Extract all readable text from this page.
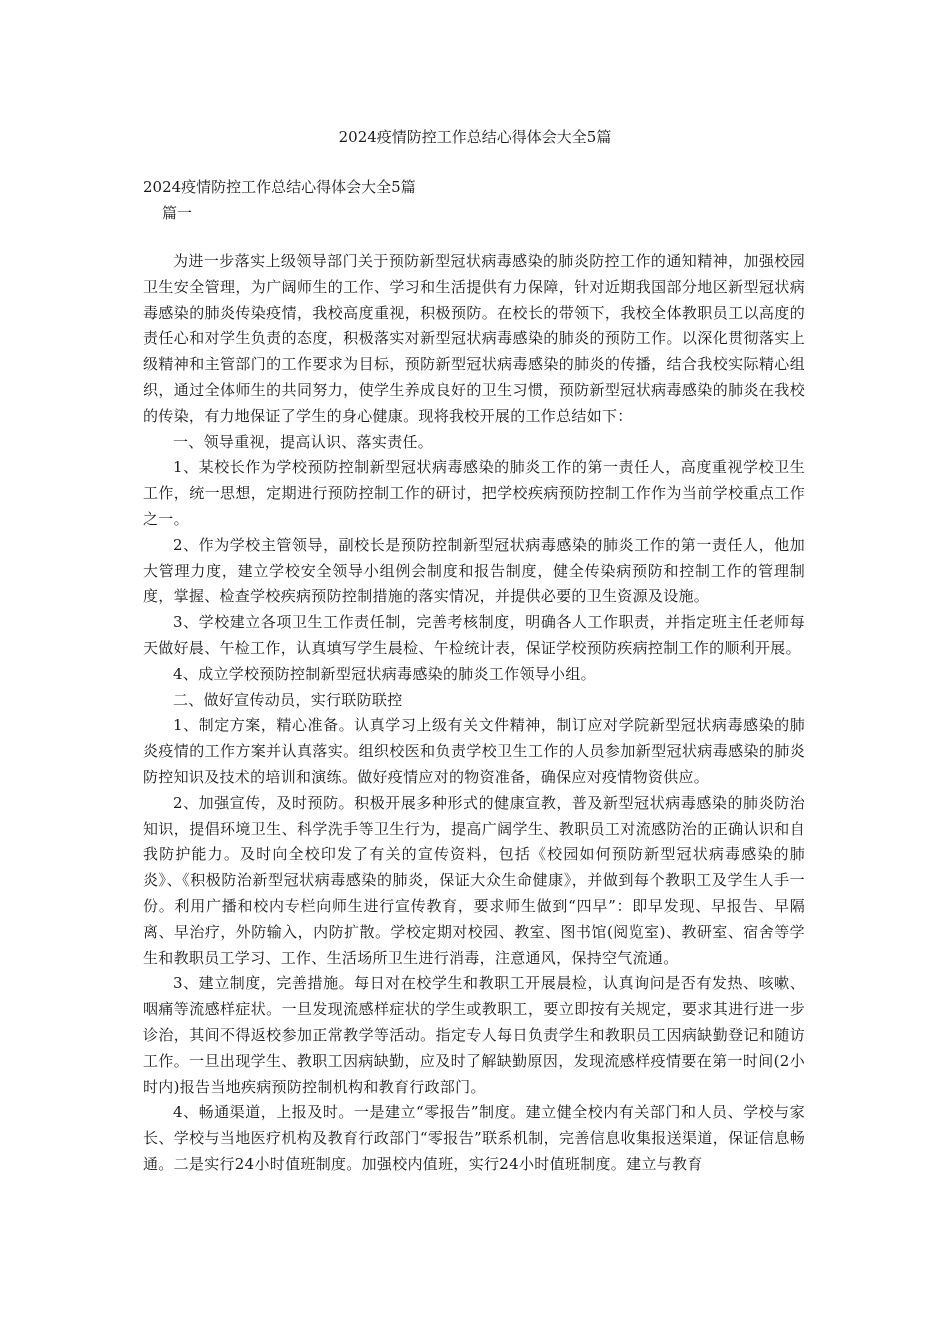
2024疫情防控工作总结心得体会大全5篇
2024疫情防控工作总结心得体会大全5篇
篇一

为进一步落实上级领导部门关于预防新型冠状病毒感染的肺炎防控工作的通知精神，加强校园卫生安全管理，为广阔师生的工作、学习和生活提供有力保障，针对近期我国部分地区新型冠状病毒感染的肺炎传染疫情，我校高度重视，积极预防。在校长的带领下，我校全体教职员工以高度的责任心和对学生负责的态度，积极落实对新型冠状病毒感染的肺炎的预防工作。以深化贯彻落实上级精神和主管部门的工作要求为目标，预防新型冠状病毒感染的肺炎的传播，结合我校实际精心组织，通过全体师生的共同努力，使学生养成良好的卫生习惯，预防新型冠状病毒感染的肺炎在我校的传染，有力地保证了学生的身心健康。现将我校开展的工作总结如下：

一、领导重视，提高认识、落实责任。

1、某校长作为学校预防控制新型冠状病毒感染的肺炎工作的第一责任人，高度重视学校卫生工作，统一思想，定期进行预防控制工作的研讨，把学校疾病预防控制工作作为当前学校重点工作之一。

2、作为学校主管领导，副校长是预防控制新型冠状病毒感染的肺炎工作的第一责任人，他加大管理力度，建立学校安全领导小组例会制度和报告制度，健全传染病预防和控制工作的管理制度，掌握、检查学校疾病预防控制措施的落实情况，并提供必要的卫生资源及设施。

3、学校建立各项卫生工作责任制，完善考核制度，明确各人工作职责，并指定班主任老师每天做好晨、午检工作，认真填写学生晨检、午检统计表，保证学校预防疾病控制工作的顺利开展。

4、成立学校预防控制新型冠状病毒感染的肺炎工作领导小组。

二、做好宣传动员，实行联防联控

1、制定方案，精心准备。认真学习上级有关文件精神，制订应对学院新型冠状病毒感染的肺炎疫情的工作方案并认真落实。组织校医和负责学校卫生工作的人员参加新型冠状病毒感染的肺炎防控知识及技术的培训和演练。做好疫情应对的物资准备，确保应对疫情物资供应。

2、加强宣传，及时预防。积极开展多种形式的健康宣教，普及新型冠状病毒感染的肺炎防治知识，提倡环境卫生、科学洗手等卫生行为，提高广阔学生、教职员工对流感防治的正确认识和自我防护能力。及时向全校印发了有关的宣传资料，包括《校园如何预防新型冠状病毒感染的肺炎》、《积极防治新型冠状病毒感染的肺炎，保证大众生命健康》，并做到每个教职工及学生人手一份。利用广播和校内专栏向师生进行宣传教育，要求师生做到“四早”：即早发现、早报告、早隔离、早治疗，外防输入，内防扩散。学校定期对校园、教室、图书馆(阅览室)、教研室、宿舍等学生和教职员工学习、工作、生活场所卫生进行消毒，注意通风，保持空气流通。

3、建立制度，完善措施。每日对在校学生和教职工开展晨检，认真询问是否有发热、咳嗽、咽痛等流感样症状。一旦发现流感样症状的学生或教职工，要立即按有关规定，要求其进行进一步诊治，其间不得返校参加正常教学等活动。指定专人每日负责学生和教职员工因病缺勤登记和随访工作。一旦出现学生、教职工因病缺勤，应及时了解缺勤原因，发现流感样疫情要在第一时间(2小时内)报告当地疾病预防控制机构和教育行政部门。

4、畅通渠道，上报及时。一是建立“零报告”制度。建立健全校内有关部门和人员、学校与家长、学校与当地医疗机构及教育行政部门“零报告”联系机制，完善信息收集报送渠道，保证信息畅通。二是实行24小时值班制度。加强校内值班，实行24小时值班制度。建立与教育
